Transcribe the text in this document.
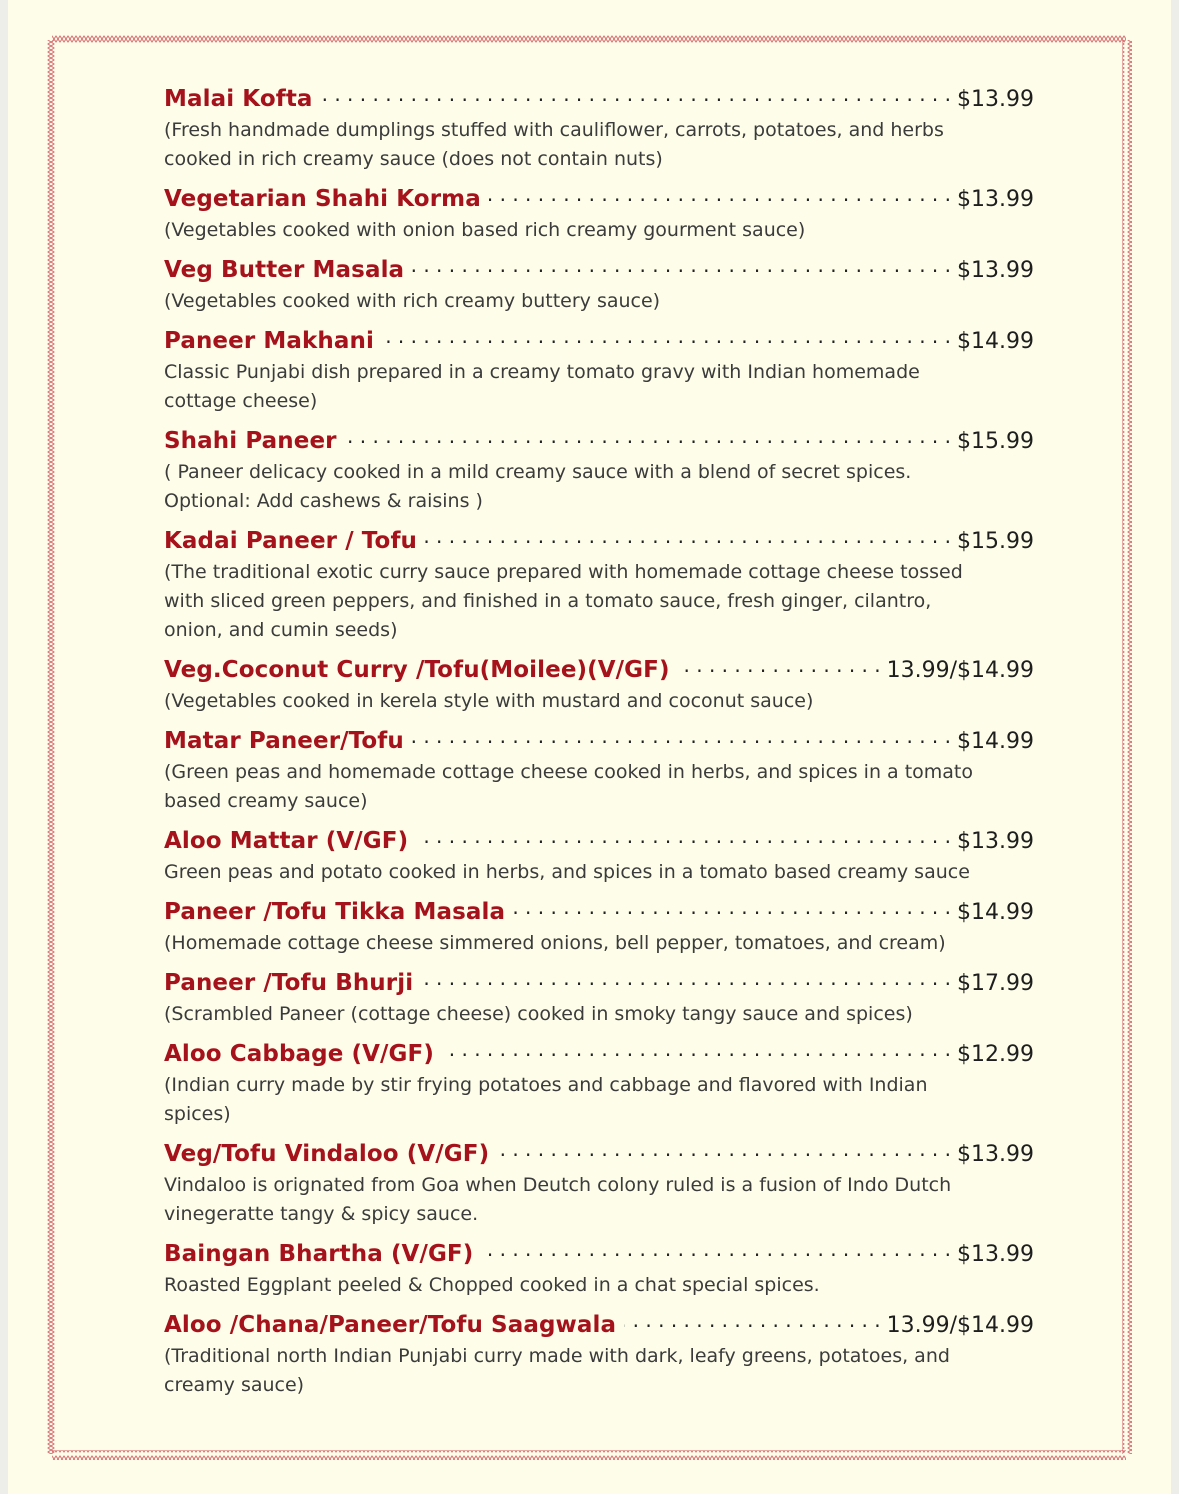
Malai Kofta . . .	$13.99
(Fresh handmade dumplings stuffed with cauliflower, carrots, potatoes, and herbs cooked in rich creamy sauce (does not contain nuts)
Vegetarian Shahi Korma . . .	$13.99
(Vegetables cooked with onion based rich creamy gourment sauce)
Veg Butter Masala . . .	$13.99
(Vegetables cooked with rich creamy buttery sauce)
Paneer Makhani . . .	$14.99
Classic Punjabi dish prepared in a creamy tomato gravy with Indian homemade cottage cheese)
Shahi Paneer . . .	$15.99
( Paneer delicacy cooked in a mild creamy sauce with a blend of secret spices. Optional: Add cashews & raisins )
Kadai Paneer / Tofu . . .	$15.99
(The traditional exotic curry sauce prepared with homemade cottage cheese tossed with sliced green peppers, and finished in a tomato sauce, fresh ginger, cilantro, onion, and cumin seeds)
Veg.Coconut Curry /Tofu(Moilee)(V/GF) . . .	13.99/$14.99
(Vegetables cooked in kerela style with mustard and coconut sauce)
Matar Paneer/Tofu . . .	$14.99
(Green peas and homemade cottage cheese cooked in herbs, and spices in a tomato based creamy sauce)
Aloo Mattar (V/GF) . . .	$13.99
Green peas and potato cooked in herbs, and spices in a tomato based creamy sauce
Paneer /Tofu Tikka Masala . . .	$14.99
(Homemade cottage cheese simmered onions, bell pepper, tomatoes, and cream)
Paneer /Tofu Bhurji . . .	$17.99
(Scrambled Paneer (cottage cheese) cooked in smoky tangy sauce and spices)
Aloo Cabbage (V/GF) . . .	$12.99
(Indian curry made by stir frying potatoes and cabbage and flavored with Indian spices)
Veg/Tofu Vindaloo (V/GF) . . .	$13.99
Vindaloo is orignated from Goa when Deutch colony ruled is a fusion of Indo Dutch vinegeratte tangy & spicy sauce.
Baingan Bhartha (V/GF) . . .	$13.99
Roasted Eggplant peeled & Chopped cooked in a chat special spices.
Aloo /Chana/Paneer/Tofu Saagwala . . .	13.99/$14.99
(Traditional north Indian Punjabi curry made with dark, leafy greens, potatoes, and creamy sauce)
